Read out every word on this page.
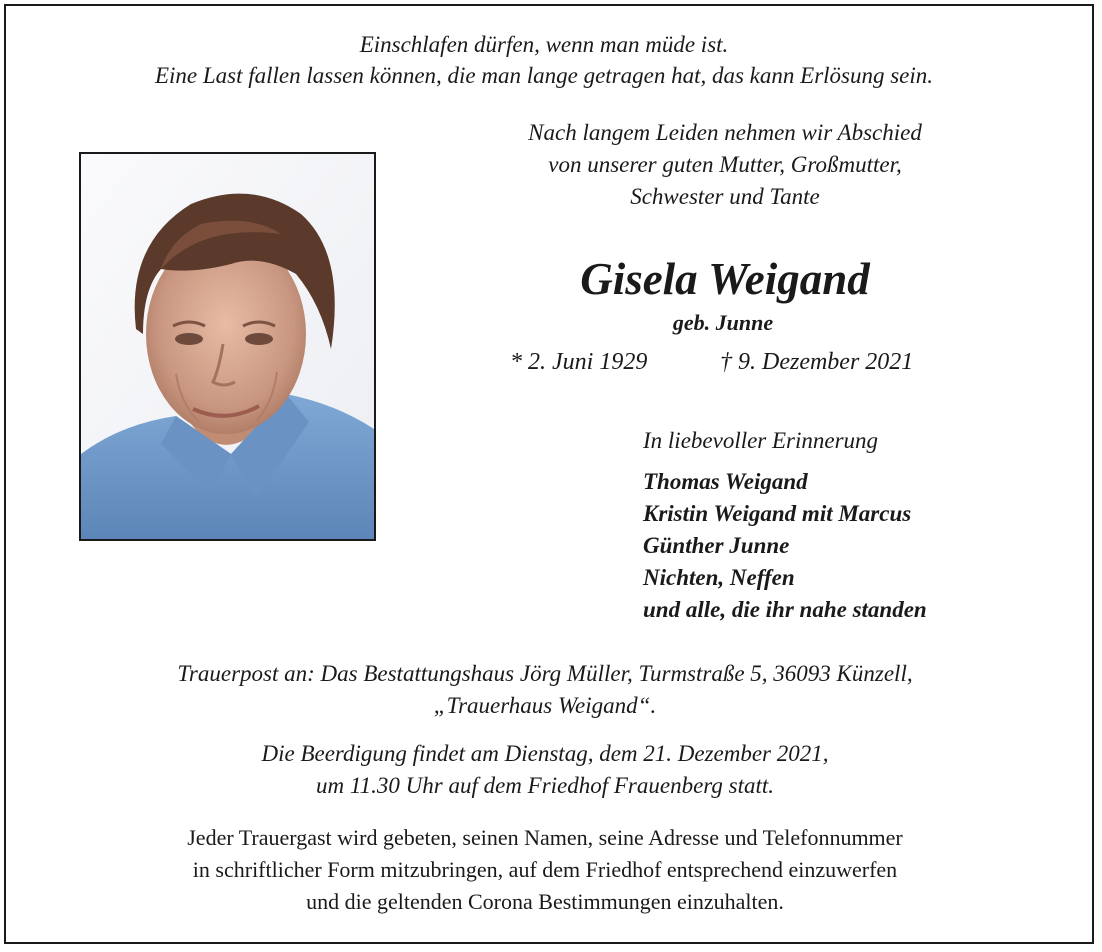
Einschlafen dürfen, wenn man müde ist.
Eine Last fallen lassen können, die man lange getragen hat, das kann Erlösung sein.
Nach langem Leiden nehmen wir Abschied
von unserer guten Mutter, Großmutter,
Schwester und Tante
Gisela Weigand
geb. Junne
* 2. Juni 1929	† 9. Dezember 2021
In liebevoller Erinnerung
Thomas Weigand
Kristin Weigand mit Marcus
Günther Junne
Nichten, Neffen
und alle, die ihr nahe standen
Trauerpost an: Das Bestattungshaus Jörg Müller, Turmstraße 5, 36093 Künzell,
„Trauerhaus Weigand“.
Die Beerdigung findet am Dienstag, dem 21. Dezember 2021,
um 11.30 Uhr auf dem Friedhof Frauenberg statt.
Jeder Trauergast wird gebeten, seinen Namen, seine Adresse und Telefonnummer
in schriftlicher Form mitzubringen, auf dem Friedhof entsprechend einzuwerfen
und die geltenden Corona Bestimmungen einzuhalten.
